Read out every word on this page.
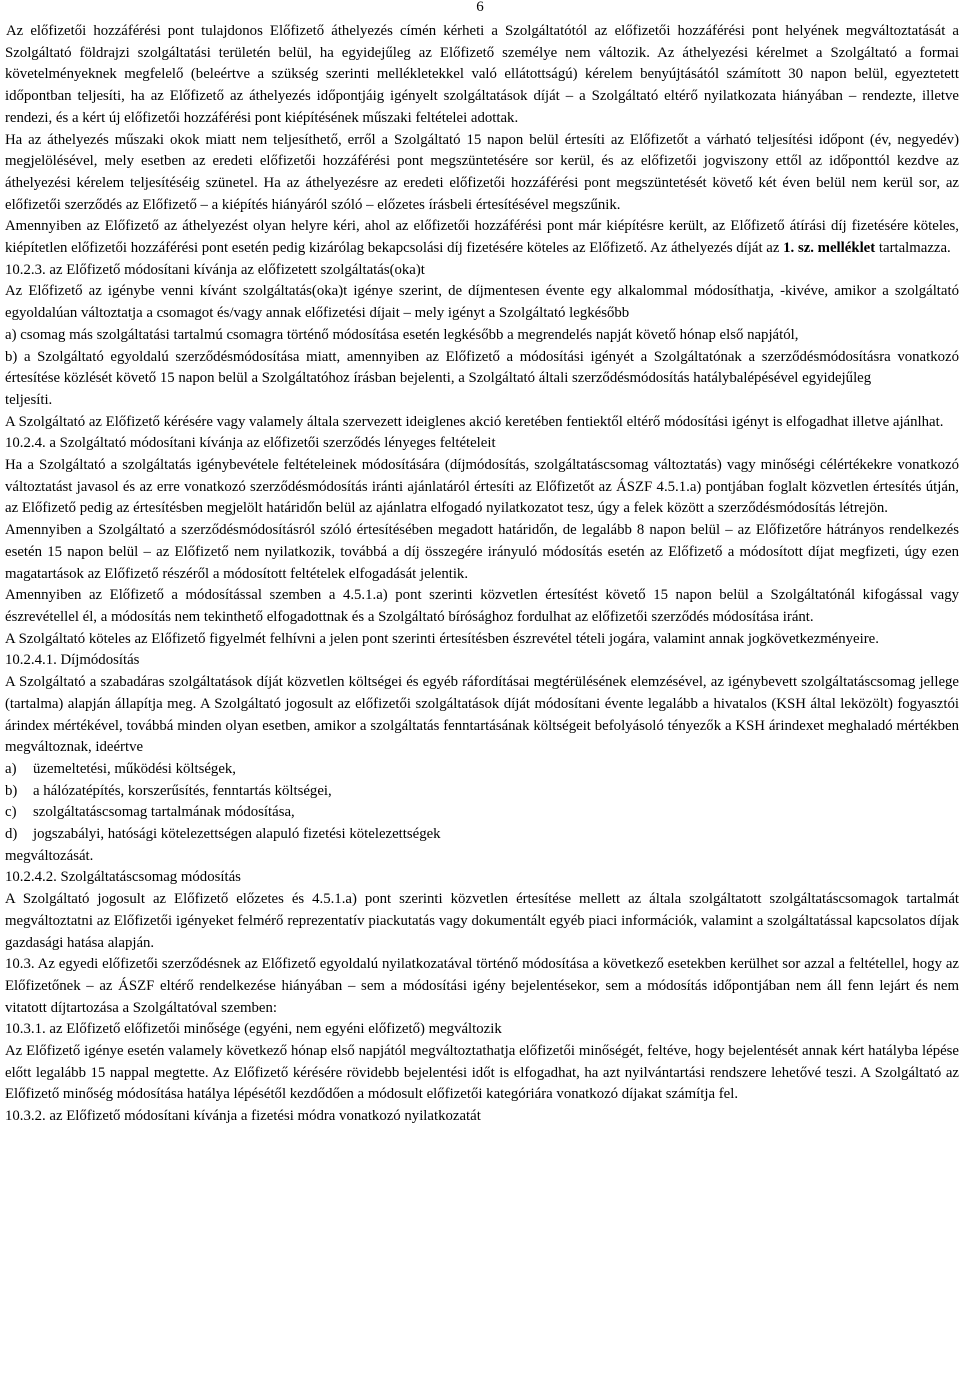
6

Az előfizetői hozzáférési pont tulajdonos Előfizető áthelyezés címén kérheti a Szolgáltatótól az előfizetői hozzáférési pont helyének megváltoztatását a Szolgáltató földrajzi szolgáltatási területén belül, ha egyidejűleg az Előfizető személye nem változik. Az áthelyezési kérelmet a Szolgáltató a formai követelményeknek megfelelő (beleértve a szükség szerinti mellékletekkel való ellátottságú) kérelem benyújtásától számított 30 napon belül, egyeztetett időpontban teljesíti, ha az Előfizető az áthelyezés időpontjáig igényelt szolgáltatások díját – a Szolgáltató eltérő nyilatkozata hiányában – rendezte, illetve rendezi, és a kért új előfizetői hozzáférési pont kiépítésének műszaki feltételei adottak.

Ha az áthelyezés műszaki okok miatt nem teljesíthető, erről a Szolgáltató 15 napon belül értesíti az Előfizetőt a várható teljesítési időpont (év, negyedév) megjelölésével, mely esetben az eredeti előfizetői hozzáférési pont megszüntetésére sor kerül, és az előfizetői jogviszony ettől az időponttól kezdve az áthelyezési kérelem teljesítéséig szünetel. Ha az áthelyezésre az eredeti előfizetői hozzáférési pont megszüntetését követő két éven belül nem kerül sor, az előfizetői szerződés az Előfizető – a kiépítés hiányáról szóló – előzetes írásbeli értesítésével megszűnik.

Amennyiben az Előfizető az áthelyezést olyan helyre kéri, ahol az előfizetői hozzáférési pont már kiépítésre került, az Előfizető átírási díj fizetésére köteles, kiépítetlen előfizetői hozzáférési pont esetén pedig kizárólag bekapcsolási díj fizetésére köteles az Előfizető. Az áthelyezés díját az 1. sz. melléklet tartalmazza.

10.2.3. az Előfizető módosítani kívánja az előfizetett szolgáltatás(oka)t

Az Előfizető az igénybe venni kívánt szolgáltatás(oka)t igénye szerint, de díjmentesen évente egy alkalommal módosíthatja, -kivéve, amikor a szolgáltató egyoldalúan változtatja a csomagot és/vagy annak előfizetési díjait – mely igényt a Szolgáltató legkésőbb

a) csomag más szolgáltatási tartalmú csomagra történő módosítása esetén legkésőbb a megrendelés napját követő hónap első napjától,

b) a Szolgáltató egyoldalú szerződésmódosítása miatt, amennyiben az Előfizető a módosítási igényét a Szolgáltatónak a szerződésmódosításra vonatkozó értesítése közlését követő 15 napon belül a Szolgáltatóhoz írásban bejelenti, a Szolgáltató általi szerződésmódosítás hatálybalépésével egyidejűleg

teljesíti.

A Szolgáltató az Előfizető kérésére vagy valamely általa szervezett ideiglenes akció keretében fentiektől eltérő módosítási igényt is elfogadhat illetve ajánlhat.

10.2.4. a Szolgáltató módosítani kívánja az előfizetői szerződés lényeges feltételeit

Ha a Szolgáltató a szolgáltatás igénybevétele feltételeinek módosítására (díjmódosítás, szolgáltatáscsomag változtatás) vagy minőségi célértékekre vonatkozó változtatást javasol és az erre vonatkozó szerződésmódosítás iránti ajánlatáról értesíti az Előfizetőt az ÁSZF 4.5.1.a) pontjában foglalt közvetlen értesítés útján, az Előfizető pedig az értesítésben megjelölt határidőn belül az ajánlatra elfogadó nyilatkozatot tesz, úgy a felek között a szerződésmódosítás létrejön.

Amennyiben a Szolgáltató a szerződésmódosításról szóló értesítésében megadott határidőn, de legalább 8 napon belül – az Előfizetőre hátrányos rendelkezés esetén 15 napon belül – az Előfizető nem nyilatkozik, továbbá a díj összegére irányuló módosítás esetén az Előfizető a módosított díjat megfizeti, úgy ezen magatartások az Előfizető részéről a módosított feltételek elfogadását jelentik.

Amennyiben az Előfizető a módosítással szemben a 4.5.1.a) pont szerinti közvetlen értesítést követő 15 napon belül a Szolgáltatónál kifogással vagy észrevétellel él, a módosítás nem tekinthető elfogadottnak és a Szolgáltató bírósághoz fordulhat az előfizetői szerződés módosítása iránt.

A Szolgáltató köteles az Előfizető figyelmét felhívni a jelen pont szerinti értesítésben észrevétel tételi jogára, valamint annak jogkövetkezményeire.

10.2.4.1. Díjmódosítás

A Szolgáltató a szabadáras szolgáltatások díját közvetlen költségei és egyéb ráfordításai megtérülésének elemzésével, az igénybevett szolgáltatáscsomag jellege (tartalma) alapján állapítja meg. A Szolgáltató jogosult az előfizetői szolgáltatások díját módosítani évente legalább a hivatalos (KSH által leközölt) fogyasztói árindex mértékével, továbbá minden olyan esetben, amikor a szolgáltatás fenntartásának költségeit befolyásoló tényezők a KSH árindexet meghaladó mértékben megváltoznak, ideértve

a)	üzemeltetési, működési költségek,
b)	a hálózatépítés, korszerűsítés, fenntartás költségei,
c)	szolgáltatáscsomag tartalmának módosítása,
d)	jogszabályi, hatósági kötelezettségen alapuló fizetési kötelezettségek

megváltozását.

10.2.4.2. Szolgáltatáscsomag módosítás

A Szolgáltató jogosult az Előfizető előzetes és 4.5.1.a) pont szerinti közvetlen értesítése mellett az általa szolgáltatott szolgáltatáscsomagok tartalmát megváltoztatni az Előfizetői igényeket felmérő reprezentatív piackutatás vagy dokumentált egyéb piaci információk, valamint a szolgáltatással kapcsolatos díjak gazdasági hatása alapján.

10.3. Az egyedi előfizetői szerződésnek az Előfizető egyoldalú nyilatkozatával történő módosítása a következő esetekben kerülhet sor azzal a feltétellel, hogy az Előfizetőnek – az ÁSZF eltérő rendelkezése hiányában – sem a módosítási igény bejelentésekor, sem a módosítás időpontjában nem áll fenn lejárt és nem vitatott díjtartozása a Szolgáltatóval szemben:

10.3.1. az Előfizető előfizetői minősége (egyéni, nem egyéni előfizető) megváltozik

Az Előfizető igénye esetén valamely következő hónap első napjától megváltoztathatja előfizetői minőségét, feltéve, hogy bejelentését annak kért hatályba lépése előtt legalább 15 nappal megtette. Az Előfizető kérésére rövidebb bejelentési időt is elfogadhat, ha azt nyilvántartási rendszere lehetővé teszi. A Szolgáltató az Előfizető minőség módosítása hatálya lépésétől kezdődően a módosult előfizetői kategóriára vonatkozó díjakat számítja fel.

10.3.2. az Előfizető módosítani kívánja a fizetési módra vonatkozó nyilatkozatát
